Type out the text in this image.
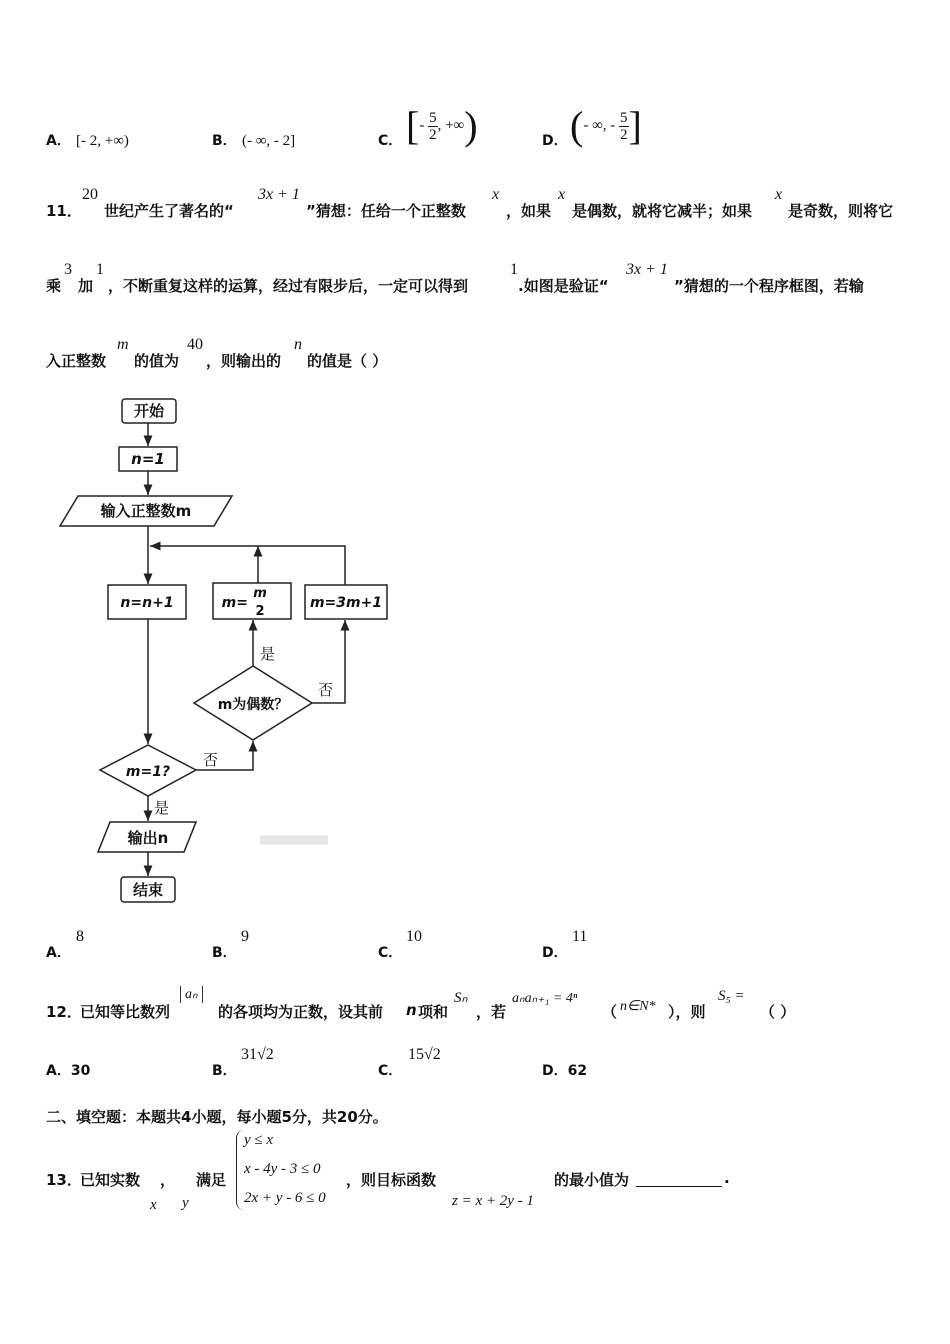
A． [- 2, +∞)	B． (- ∞, - 2]	C． [- $\frac{5}{2}$ , +∞)	D． (- ∞, - $\frac{5}{2}$ ]
11．
20
世纪产生了著名的“
3x + 1
”猜想：任给一个正整数
x
，如果
x
是偶数，就将它减半；如果
x
是奇数，则将它
乘
3
加
1
，不断重复这样的运算，经过有限步后，一定可以得到
1
.如图是验证“
3x + 1
”猜想的一个程序框图，若输
入正整数
m
的值为
40
，则输出的
n
的值是（ ）
开始
n=1
输入正整数m
n=n+1	m=
m
2
m=3m+1
m为偶数？
m=1?
输出n
结束
是
否
否
是
A．
8
B．
9
C．
10
D．
11
12．
已知等比数列
aₙ
的各项均为正数，设其前 n 项和
Sₙ
，若
aₙaₙ₊₁ = 4ⁿ
（ n∈N* ），则
S₅ =
（ ）
A．30	B．
31√2
C．
15√2
D．62
二、填空题：本题共4小题，每小题5分，共20分。
13．
已知实数 ， 满足
x y
y ≤ x
x - 4y - 3 ≤ 0
2x + y - 6 ≤ 0
，则目标函数
z = x + 2y - 1
的最小值为
	.
